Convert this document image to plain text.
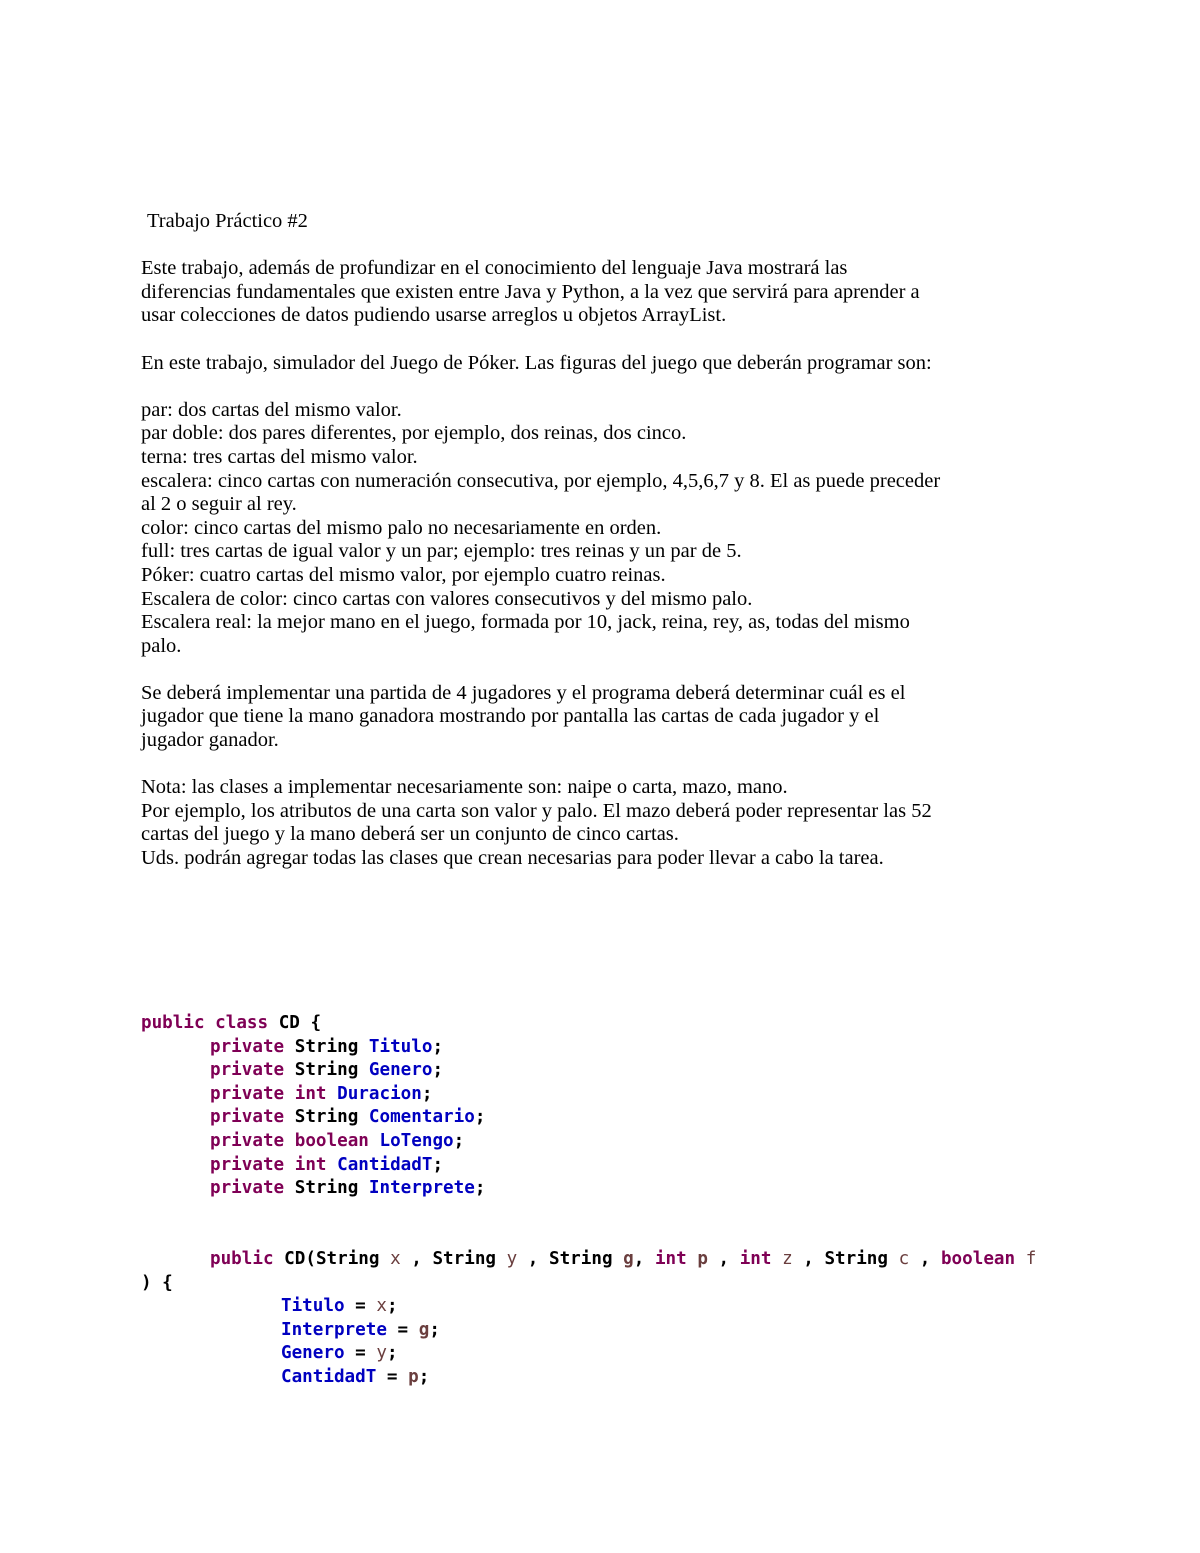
Trabajo Práctico #2

Este trabajo, además de profundizar en el conocimiento del lenguaje Java mostrará las
diferencias fundamentales que existen entre Java y Python, a la vez que servirá para aprender a
usar colecciones de datos pudiendo usarse arreglos u objetos ArrayList.
En este trabajo, simulador del Juego de Póker. Las figuras del juego que deberán programar son:
par: dos cartas del mismo valor.
par doble: dos pares diferentes, por ejemplo, dos reinas, dos cinco.
terna: tres cartas del mismo valor.
escalera: cinco cartas con numeración consecutiva, por ejemplo, 4,5,6,7 y 8. El as puede preceder
al 2 o seguir al rey.
color: cinco cartas del mismo palo no necesariamente en orden.
full: tres cartas de igual valor y un par; ejemplo: tres reinas y un par de 5.
Póker: cuatro cartas del mismo valor, por ejemplo cuatro reinas.
Escalera de color: cinco cartas con valores consecutivos y del mismo palo.
Escalera real: la mejor mano en el juego, formada por 10, jack, reina, rey, as, todas del mismo
palo.
Se deberá implementar una partida de 4 jugadores y el programa deberá determinar cuál es el
jugador que tiene la mano ganadora mostrando por pantalla las cartas de cada jugador y el
jugador ganador.
Nota: las clases a implementar necesariamente son: naipe o carta, mazo, mano.
Por ejemplo, los atributos de una carta son valor y palo. El mazo deberá poder representar las 52
cartas del juego y la mano deberá ser un conjunto de cinco cartas.
Uds. podrán agregar todas las clases que crean necesarias para poder llevar a cabo la tarea.
public class CD {
private String Titulo;
private String Genero;
private int Duracion;
private String Comentario;
private boolean LoTengo;
private int CantidadT;
private String Interprete;
public CD(String x , String y , String g, int p , int z , String c , boolean f
) {
Titulo = x;
Interprete = g;
Genero = y;
CantidadT = p;
